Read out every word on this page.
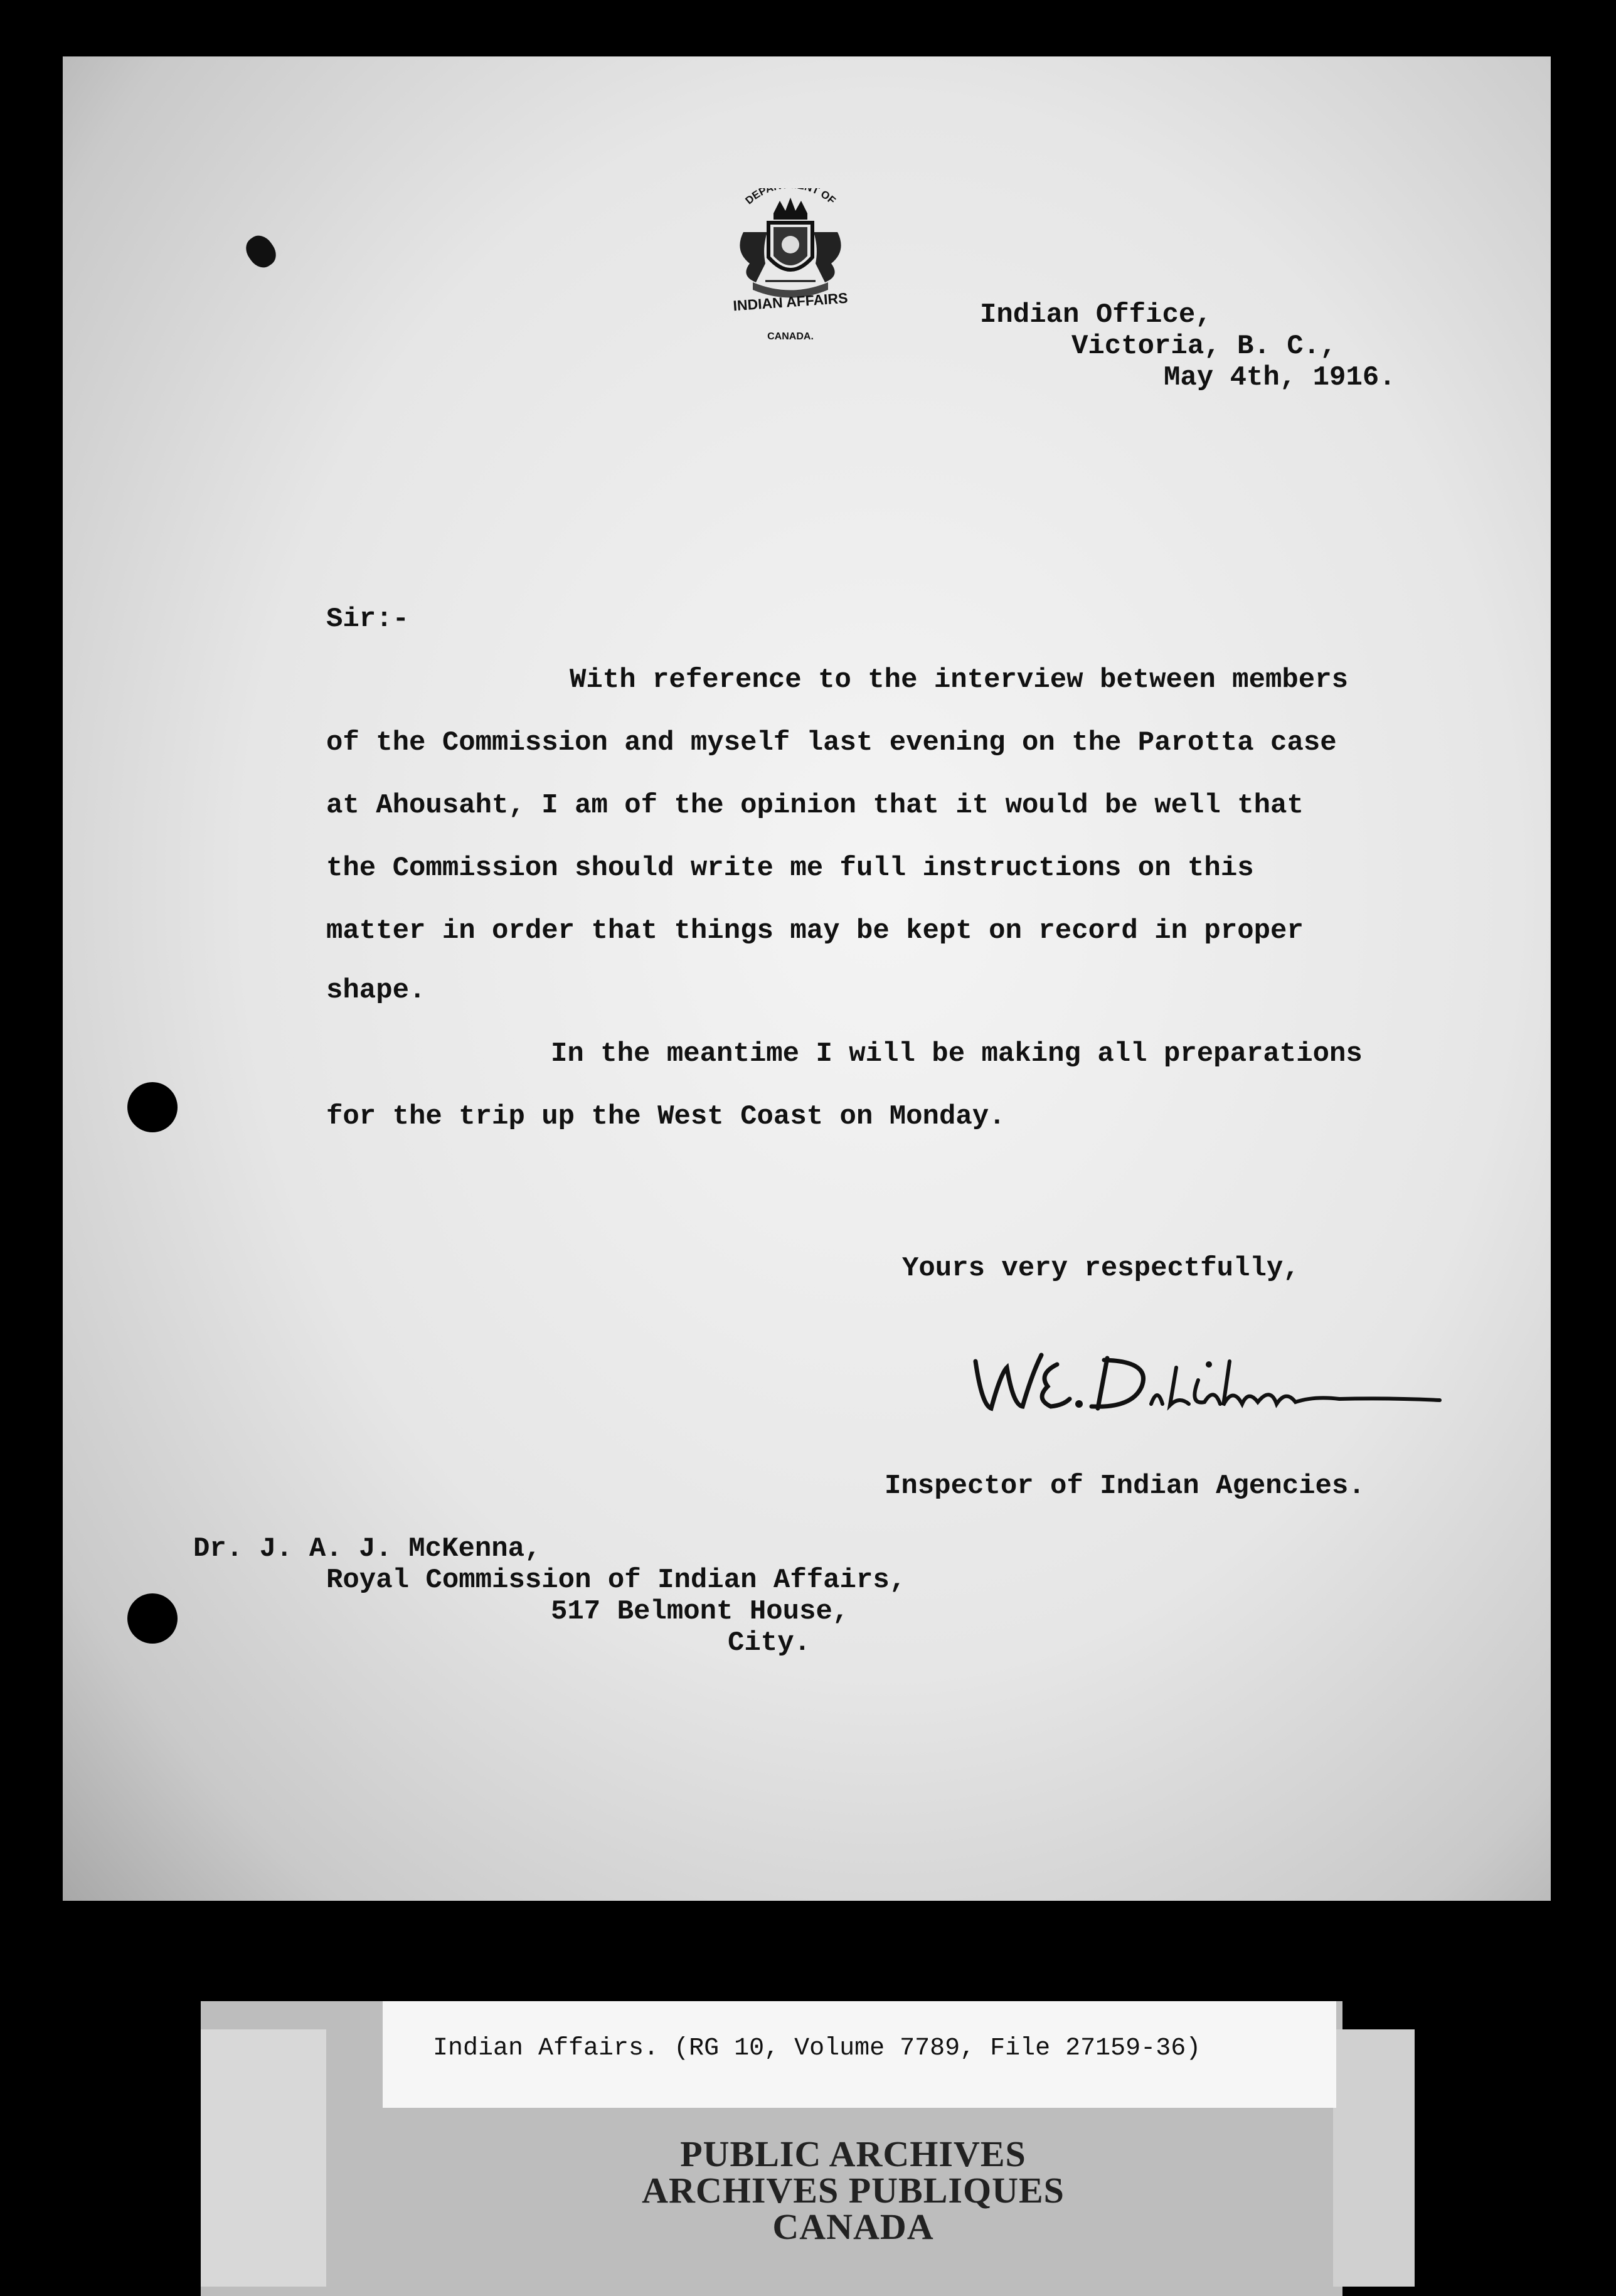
DEPA T OF
INDIAN AFFAIRS
CANADA.
Indian Office,
Victoria, B. C.,
May 4th, 1916.
Sir:-
With reference to the interview between members
of the Commission and myself last evening on the Parotta case
at Ahousaht, I am of the opinion that it would be well that
the Commission should write me full instructions on this
matter in order that things may be kept on record in proper
shape.
In the meantime I will be making all preparations
for the trip up the West Coast on Monday.
Yours very respectfully,
Inspector of Indian Agencies.
Dr. J. A. J. McKenna,
Royal Commission of Indian Affairs,
517 Belmont House,
City.
Indian Affairs. (RG 10, Volume 7789, File 27159-36)
PUBLIC ARCHIVES
ARCHIVES PUBLIQUES
CANADA
